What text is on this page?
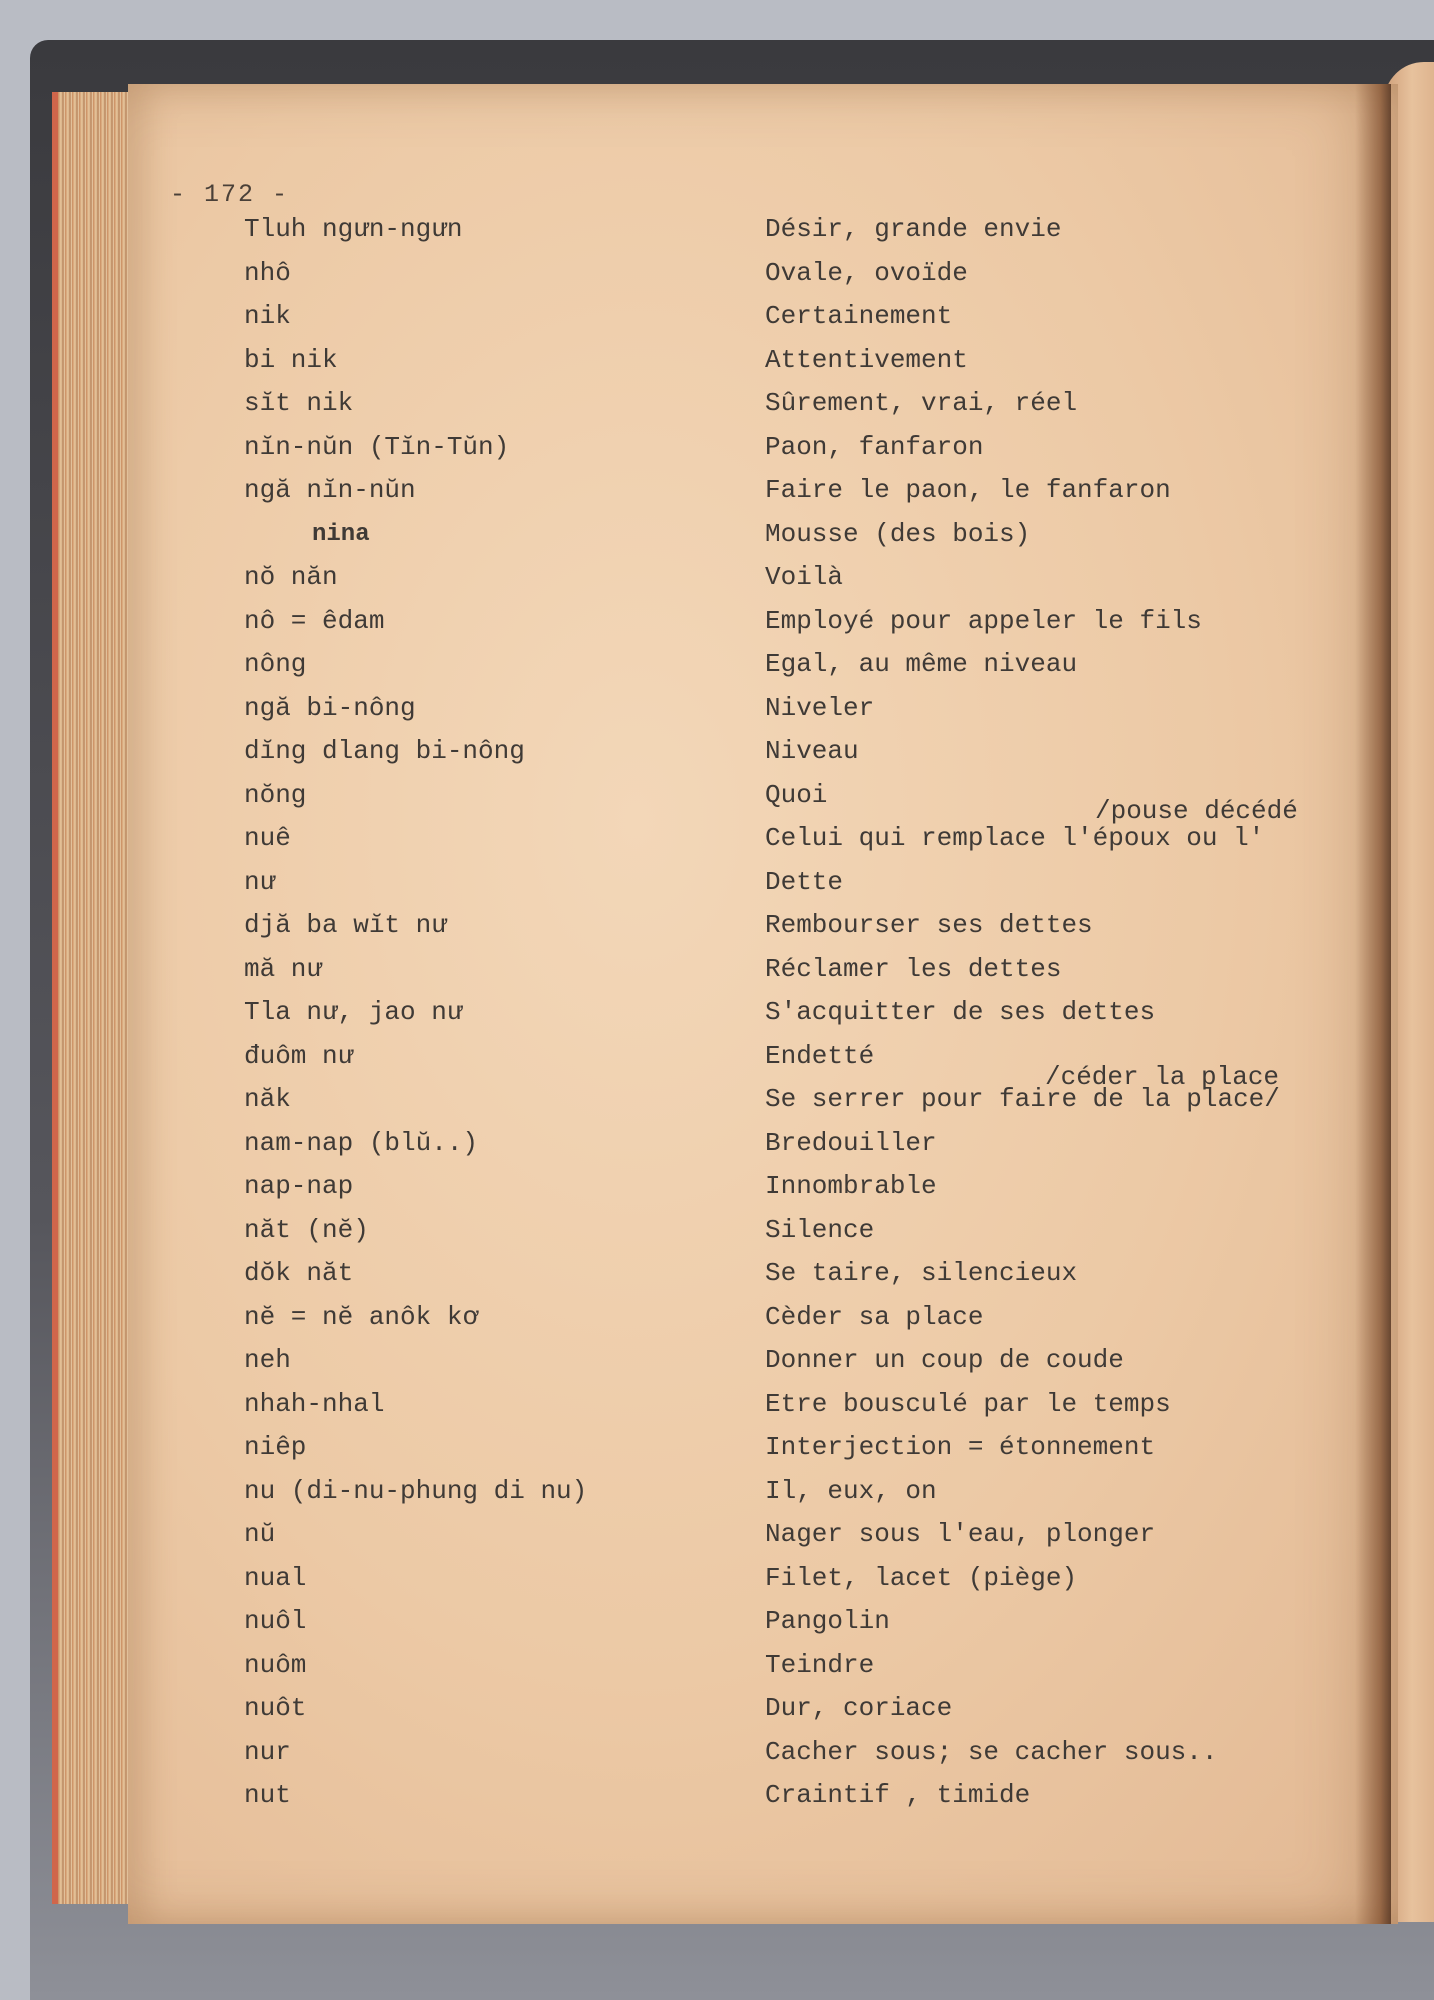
- 172 -
Tluh ngưn-ngưn
nhô
nik
bi nik
sĭt nik
nĭn-nŭn (Tĭn-Tŭn)
ngă nĭn-nŭn
nina
nŏ năn
nô = êdam
nông
ngă bi-nông
dĭng dlang bi-nông
nŏng
nuê
nư
djă ba wĭt nư
mă nư
Tla nư, jao nư
đuôm nư
năk
nam-nap (blŭ..)
nap-nap
năt (nĕ)
dŏk năt
nĕ = nĕ anôk kơ
neh
nhah-nhal
niêp
nu (di-nu-phung di nu)
nŭ
nual
nuôl
nuôm
nuôt
nur
nut
Désir, grande envie
Ovale, ovoïde
Certainement
Attentivement
Sûrement, vrai, réel
Paon, fanfaron
Faire le paon, le fanfaron
Mousse (des bois)
Voilà
Employé pour appeler le fils
Egal, au même niveau
Niveler
Niveau
Quoi
Celui qui remplace l'époux ou l'
Dette
Rembourser ses dettes
Réclamer les dettes
S'acquitter de ses dettes
Endetté
Se serrer pour faire de la place/
Bredouiller
Innombrable
Silence
Se taire, silencieux
Cèder sa place
Donner un coup de coude
Etre bousculé par le temps
Interjection = étonnement
Il, eux, on
Nager sous l'eau, plonger
Filet, lacet (piège)
Pangolin
Teindre
Dur, coriace
Cacher sous; se cacher sous..
Craintif , timide
/pouse décédé
/céder la place
